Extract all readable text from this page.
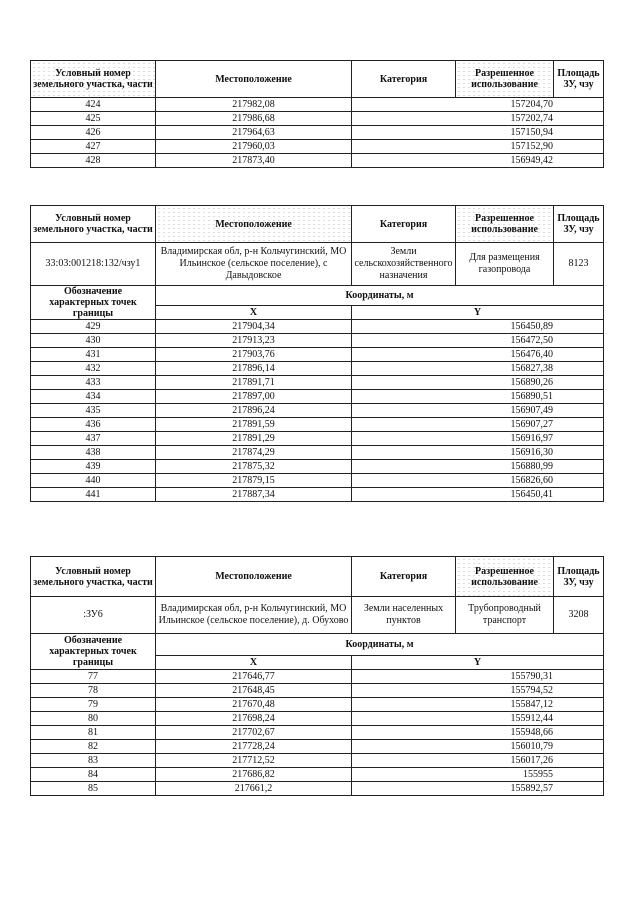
Условный номер земельного участка, части	Местоположение	Категория	Разрешенное использование	Площадь ЗУ, чзу
424	217982,08	157204,70		
425	217986,68	157202,74		
426	217964,63	157150,94		
427	217960,03	157152,90		
428	217873,40	156949,42		
Условный номер земельного участка, части	Местоположение	Категория	Разрешенное использование	Площадь ЗУ, чзу
33:03:001218:132/чзу1	Владимирская обл, р-н Кольчугинский, МО Ильинское (сельское поселение), с Давыдовское	Земли сельскохозяйственного назначения	Для размещения газопровода	8123
Обозначение характерных точек границы	Координаты, м			
	X	Y		
429	217904,34	156450,89		
430	217913,23	156472,50		
431	217903,76	156476,40		
432	217896,14	156827,38		
433	217891,71	156890,26		
434	217897,00	156890,51		
435	217896,24	156907,49		
436	217891,59	156907,27		
437	217891,29	156916,97		
438	217874,29	156916,30		
439	217875,32	156880,99		
440	217879,15	156826,60		
441	217887,34	156450,41		
Условный номер земельного участка, части	Местоположение	Категория	Разрешенное использование	Площадь ЗУ, чзу
:ЗУ6	Владимирская обл, р-н Кольчугинский, МО Ильинское (сельское поселение), д. Обухово	Земли населенных пунктов	Трубопроводный транспорт	3208
Обозначение характерных точек границы	Координаты, м			
	X	Y		
77	217646,77	155790,31		
78	217648,45	155794,52		
79	217670,48	155847,12		
80	217698,24	155912,44		
81	217702,67	155948,66		
82	217728,24	156010,79		
83	217712,52	156017,26		
84	217686,82	155955		
85	217661,2	155892,57		
